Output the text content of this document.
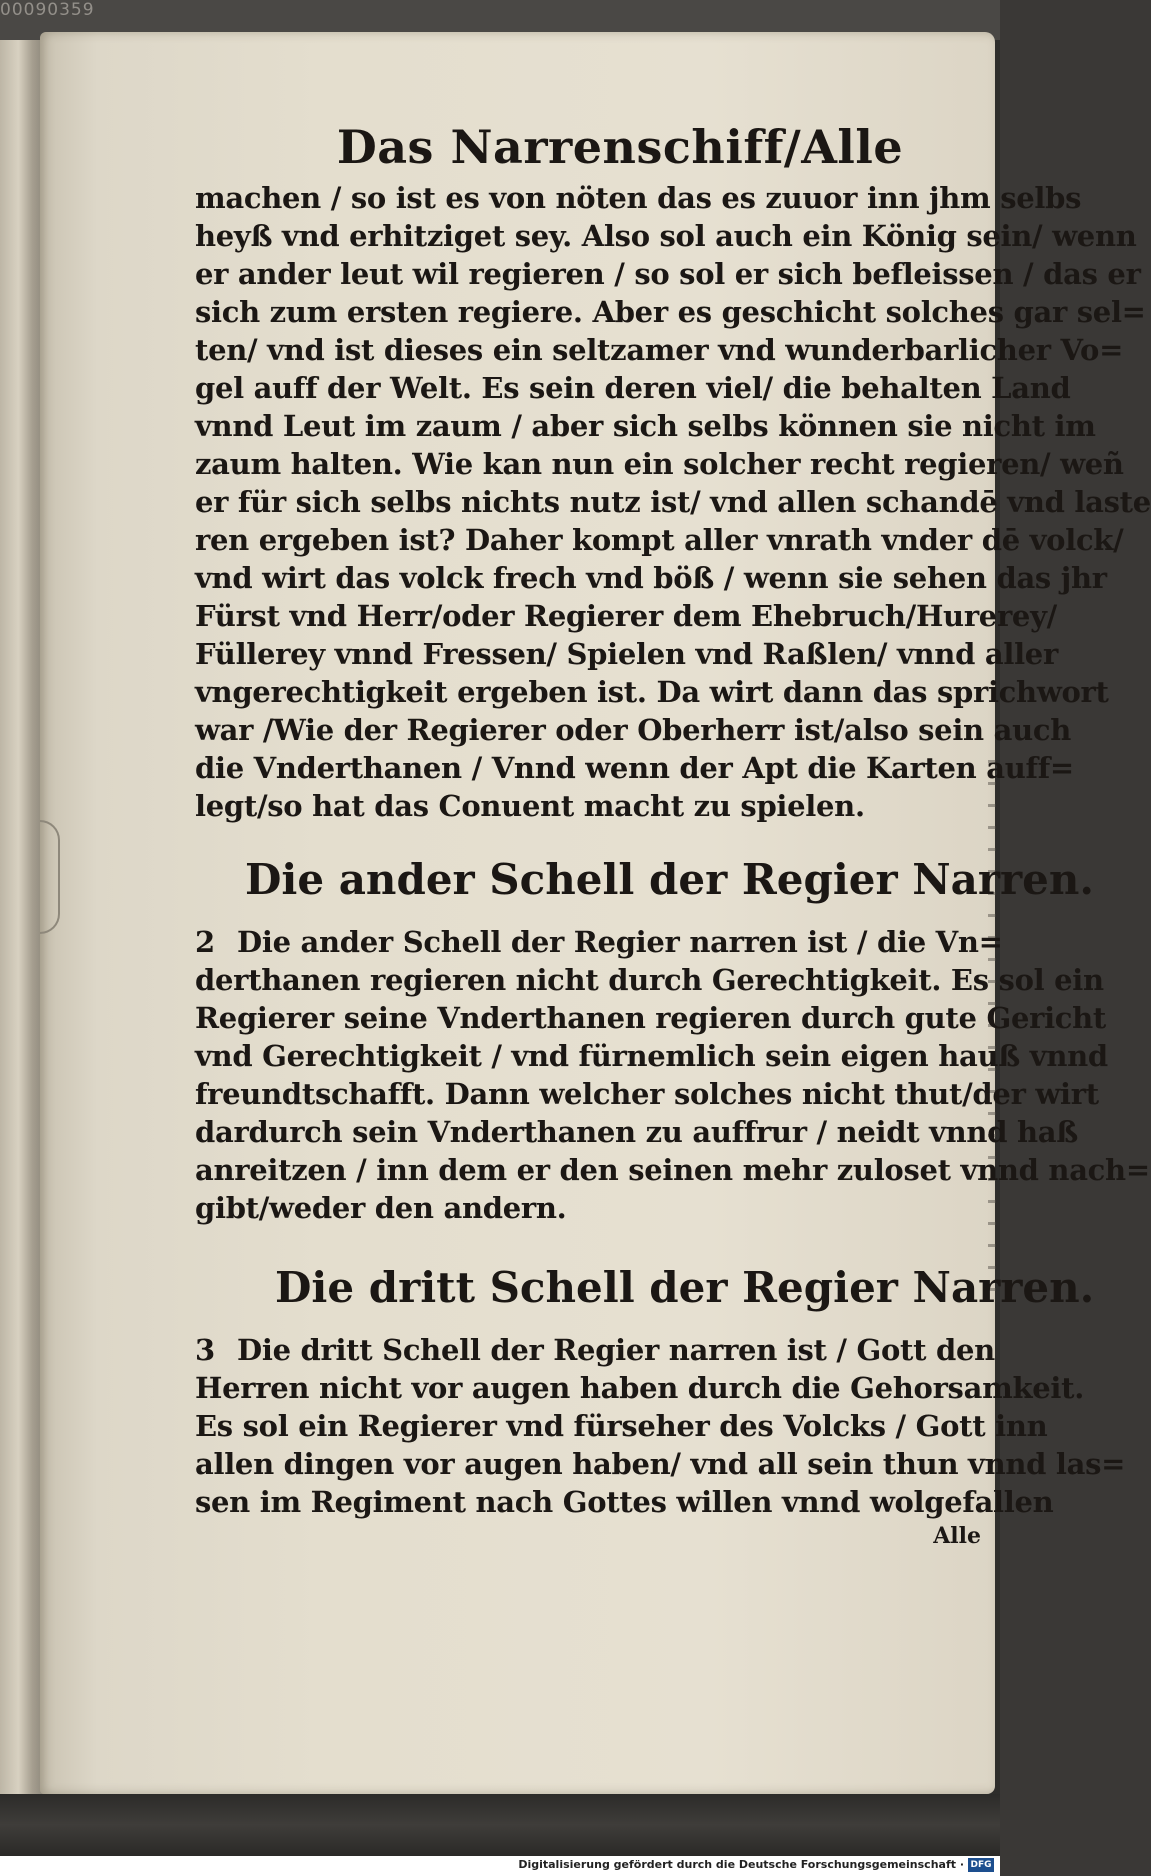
00090359
Das Narrenschiff/Alle
machen / so ist es von nöten das es zuuor inn jhm selbs
heyß vnd erhitziget sey. Also sol auch ein König sein/ wenn
er ander leut wil regieren / so sol er sich befleissen / das er
sich zum ersten regiere. Aber es geschicht solches gar sel=
ten/ vnd ist dieses ein seltzamer vnd wunderbarlicher Vo=
gel auff der Welt. Es sein deren viel/ die behalten Land
vnnd Leut im zaum / aber sich selbs können sie nicht im
zaum halten. Wie kan nun ein solcher recht regieren/ weñ
er für sich selbs nichts nutz ist/ vnd allen schandē vnd laste
ren ergeben ist? Daher kompt aller vnrath vnder dē volck/
vnd wirt das volck frech vnd böß / wenn sie sehen das jhr
Fürst vnd Herr/oder Regierer dem Ehebruch/Hurerey/
Füllerey vnnd Fressen/ Spielen vnd Raßlen/ vnnd aller
vngerechtigkeit ergeben ist. Da wirt dann das sprichwort
war /Wie der Regierer oder Oberherr ist/also sein auch
die Vnderthanen / Vnnd wenn der Apt die Karten auff=
legt/so hat das Conuent macht zu spielen.
Die ander Schell der Regier Narren.
2 Die ander Schell der Regier narren ist / die Vn=
derthanen regieren nicht durch Gerechtigkeit. Es sol ein
Regierer seine Vnderthanen regieren durch gute Gericht
vnd Gerechtigkeit / vnd fürnemlich sein eigen hauß vnnd
freundtschafft. Dann welcher solches nicht thut/der wirt
dardurch sein Vnderthanen zu auffrur / neidt vnnd haß
anreitzen / inn dem er den seinen mehr zuloset vnnd nach=
gibt/weder den andern.
Die dritt Schell der Regier Narren.
3 Die dritt Schell der Regier narren ist / Gott den
Herren nicht vor augen haben durch die Gehorsamkeit.
Es sol ein Regierer vnd fürseher des Volcks / Gott inn
allen dingen vor augen haben/ vnd all sein thun vnnd las=
sen im Regiment nach Gottes willen vnnd wolgefallen
Alle
Digitalisierung gefördert durch die Deutsche Forschungsgemeinschaft · DFG
